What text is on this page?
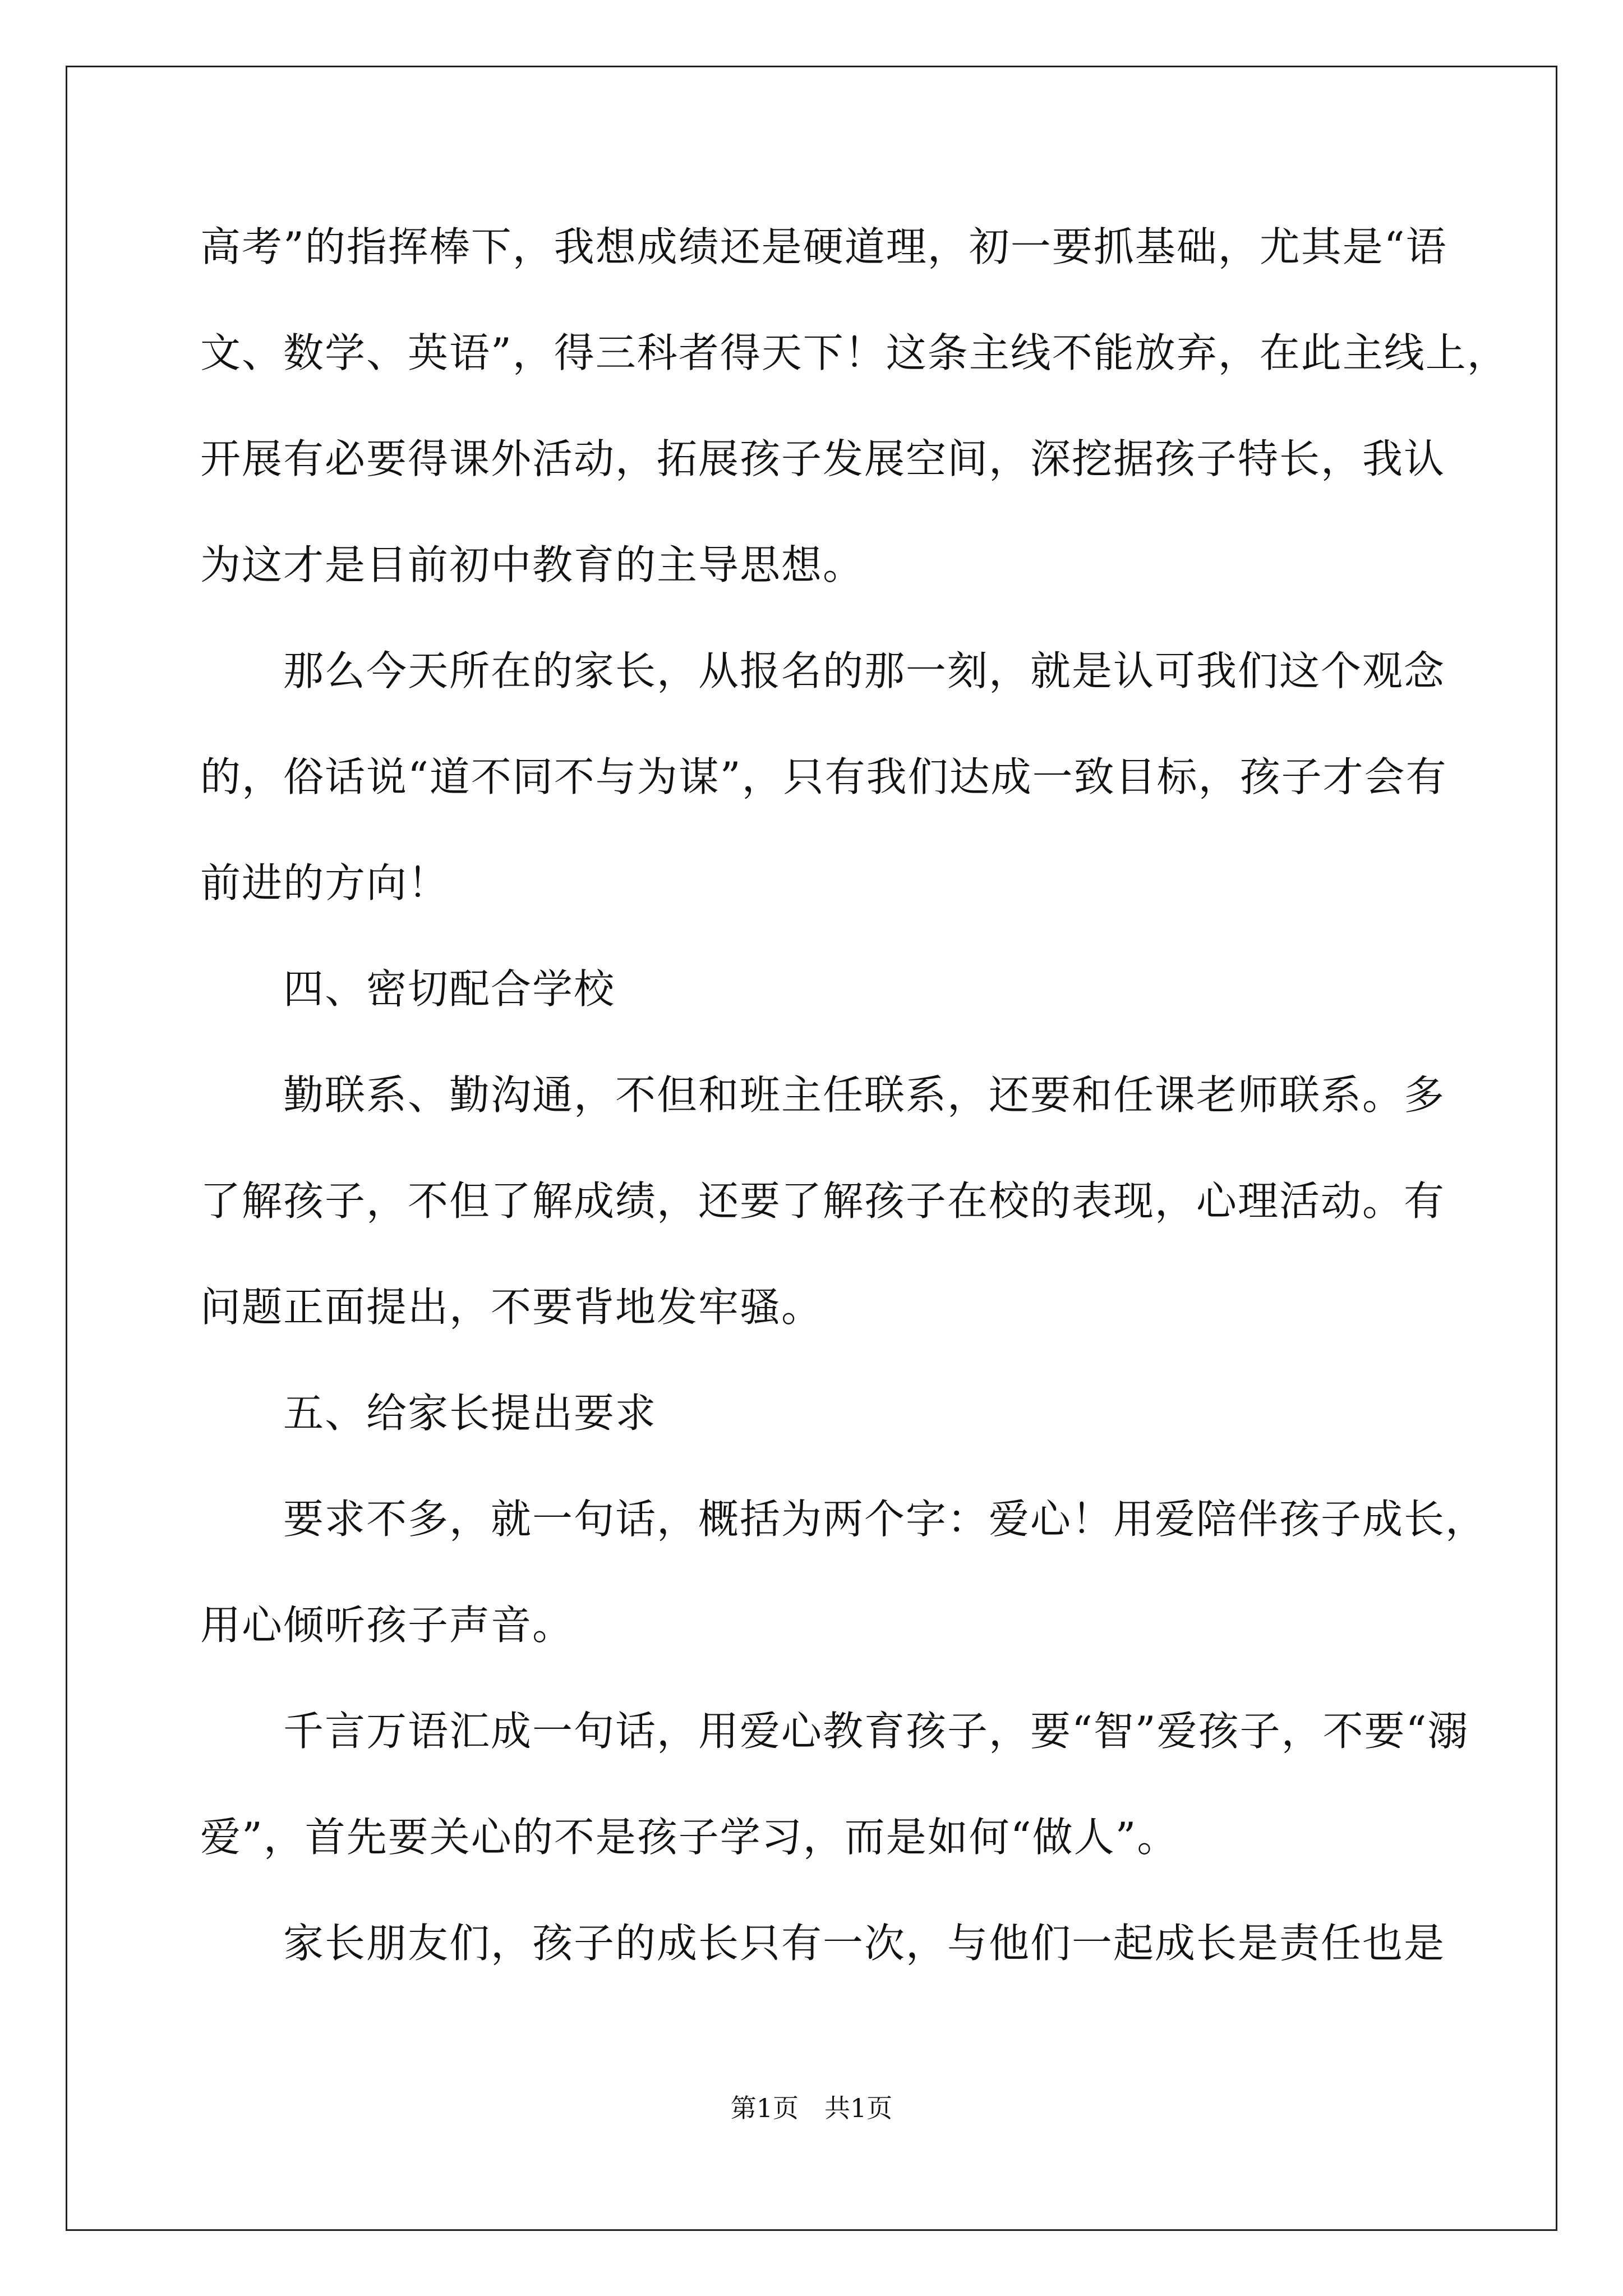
高考”的指挥棒下，我想成绩还是硬道理，初一要抓基础，尤其是“语
文、数学、英语”，得三科者得天下！这条主线不能放弃，在此主线上，
开展有必要得课外活动，拓展孩子发展空间，深挖据孩子特长，我认
为这才是目前初中教育的主导思想。
那么今天所在的家长，从报名的那一刻，就是认可我们这个观念
的，俗话说“道不同不与为谋”，只有我们达成一致目标，孩子才会有
前进的方向！
四、密切配合学校
勤联系、勤沟通，不但和班主任联系，还要和任课老师联系。多
了解孩子，不但了解成绩，还要了解孩子在校的表现，心理活动。有
问题正面提出，不要背地发牢骚。
五、给家长提出要求
要求不多，就一句话，概括为两个字：爱心！用爱陪伴孩子成长，
用心倾听孩子声音。
千言万语汇成一句话，用爱心教育孩子，要“智”爱孩子，不要“溺
爱”，首先要关心的不是孩子学习，而是如何“做人”。
家长朋友们，孩子的成长只有一次，与他们一起成长是责任也是
第1页　共1页
